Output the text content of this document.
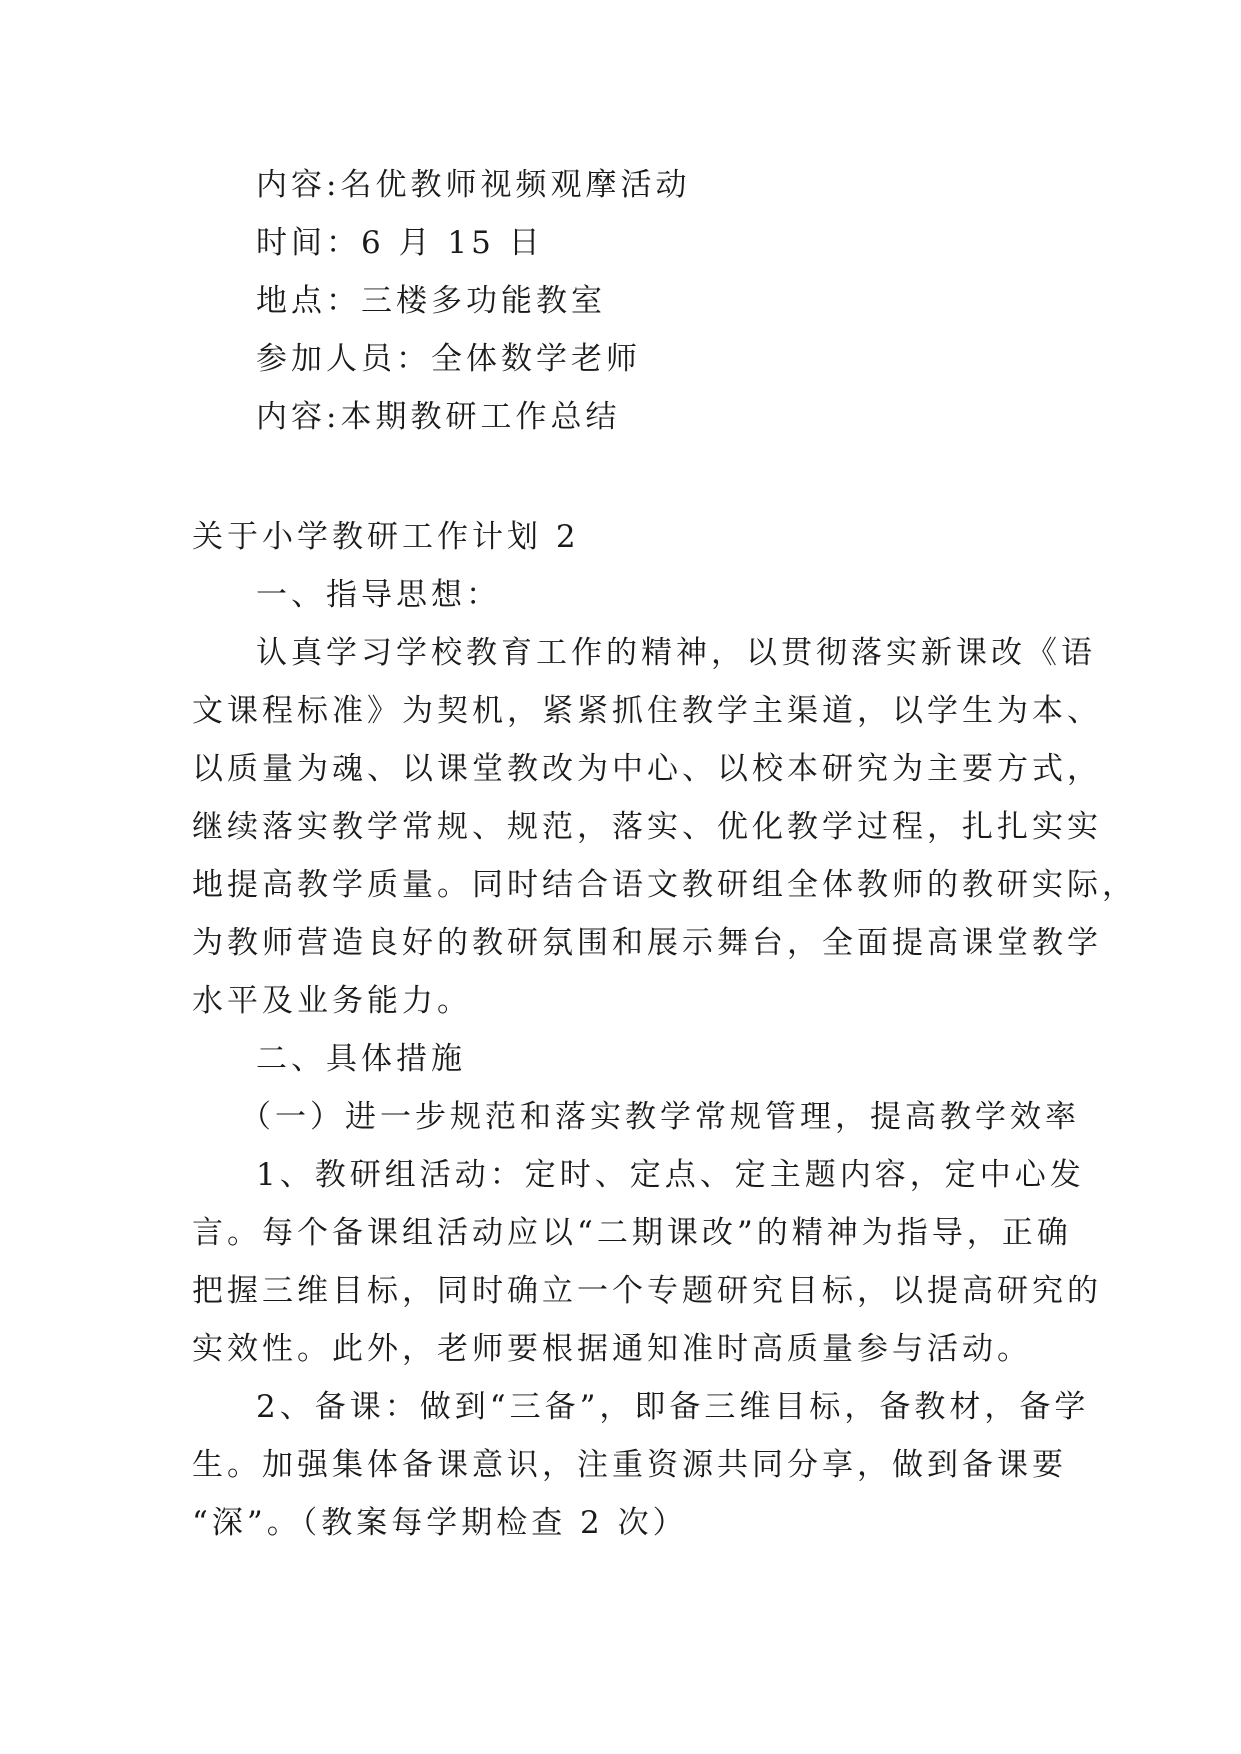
内容:名优教师视频观摩活动
时间：6 月 15 日
地点：三楼多功能教室
参加人员：全体数学老师
内容:本期教研工作总结
关于小学教研工作计划 2
一、指导思想：
认真学习学校教育工作的精神，以贯彻落实新课改《语
文课程标准》为契机，紧紧抓住教学主渠道，以学生为本、
以质量为魂、以课堂教改为中心、以校本研究为主要方式，
继续落实教学常规、规范，落实、优化教学过程，扎扎实实
地提高教学质量。同时结合语文教研组全体教师的教研实际，
为教师营造良好的教研氛围和展示舞台，全面提高课堂教学
水平及业务能力。
二、具体措施
（一）进一步规范和落实教学常规管理，提高教学效率
1、教研组活动：定时、定点、定主题内容，定中心发
言。每个备课组活动应以“二期课改”的精神为指导，正确
把握三维目标，同时确立一个专题研究目标，以提高研究的
实效性。此外，老师要根据通知准时高质量参与活动。
2、备课：做到“三备”，即备三维目标，备教材，备学
生。加强集体备课意识，注重资源共同分享，做到备课要
“深”。（教案每学期检查 2 次）
